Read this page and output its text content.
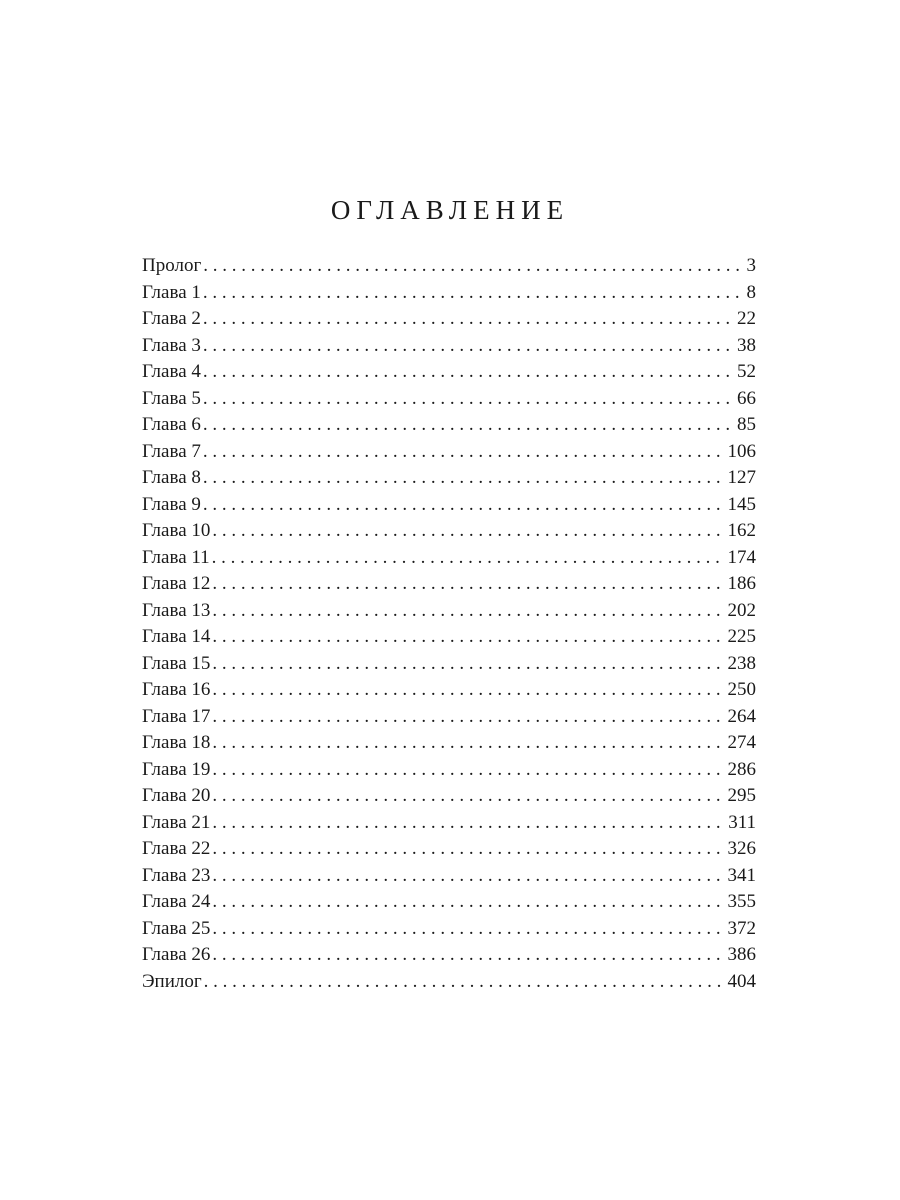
ОГЛАВЛЕНИЕ
Пролог . . .	3
Глава 1 . . .	8
Глава 2 . . .	22
Глава 3 . . .	38
Глава 4 . . .	52
Глава 5 . . .	66
Глава 6 . . .	85
Глава 7 . . .	106
Глава 8 . . .	127
Глава 9 . . .	145
Глава 10 . . .	162
Глава 11 . . .	174
Глава 12 . . .	186
Глава 13 . . .	202
Глава 14 . . .	225
Глава 15 . . .	238
Глава 16 . . .	250
Глава 17 . . .	264
Глава 18 . . .	274
Глава 19 . . .	286
Глава 20 . . .	295
Глава 21 . . .	311
Глава 22 . . .	326
Глава 23 . . .	341
Глава 24 . . .	355
Глава 25 . . .	372
Глава 26 . . .	386
Эпилог . . .	404
